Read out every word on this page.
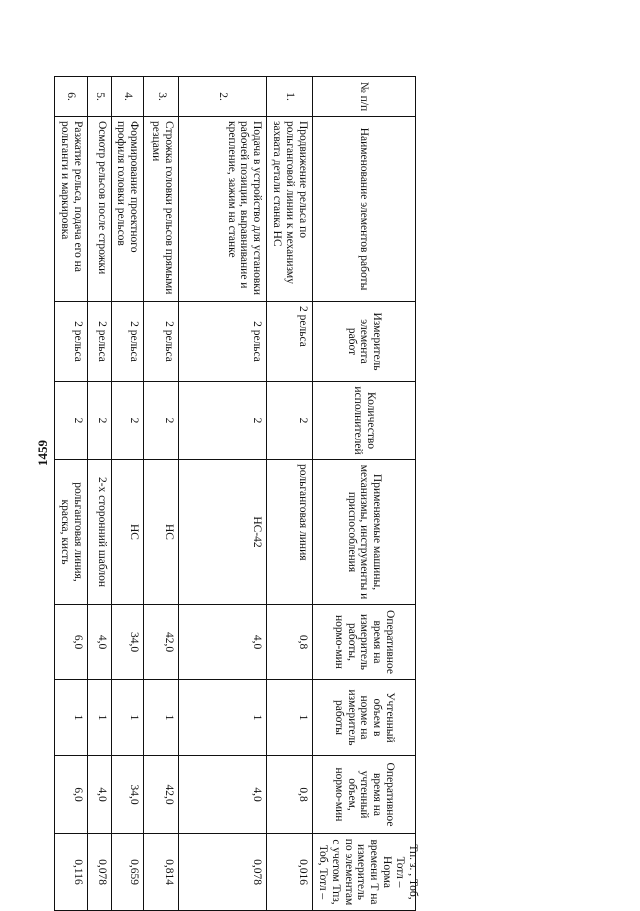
1459
№ п/п	Наименование элементов работы	Измеритель элемента работ	Количество исполнителей	Применяемые машины, механизмы, инструменты и приспособления	Оперативное время на измеритель работы, нормо-мин	Учтенный объем в норме на измеритель работы	Оперативное время на учтенный объем, нормо-мин	Тп. з. , Тоб, Тотл –
Норма времени Т на измеритель по элементам с учетом Тпз, Тоб, Тотл –
1.	Продвижение рельса по рольганговой линии к механизму захвата детали станка НС	2 рельса	2	рольганговая линия	0,8	1	0,8	0,016
2.	Подача в устройство для установки рабочей позиции, выравнивание и крепление, зажим на станке	2 рельса	2	НС-42	4,0	1	4,0	0,078
3.	Строжка головки рельсов прямыми резцами	2 рельса	2	НС	42,0	1	42,0	0,814
4.	Формирование проектного профиля головки рельсов	2 рельса	2	НС	34,0	1	34,0	0,659
5.	Осмотр рельсов после строжки	2 рельса	2	2-х сторонний шаблон	4,0	1	4,0	0,078
6.	Разжатие рельса, подача его на рольганги и маркировка	2 рельса	2	рольганговая линия, краска, кисть	6,0	1	6,0	0,116
